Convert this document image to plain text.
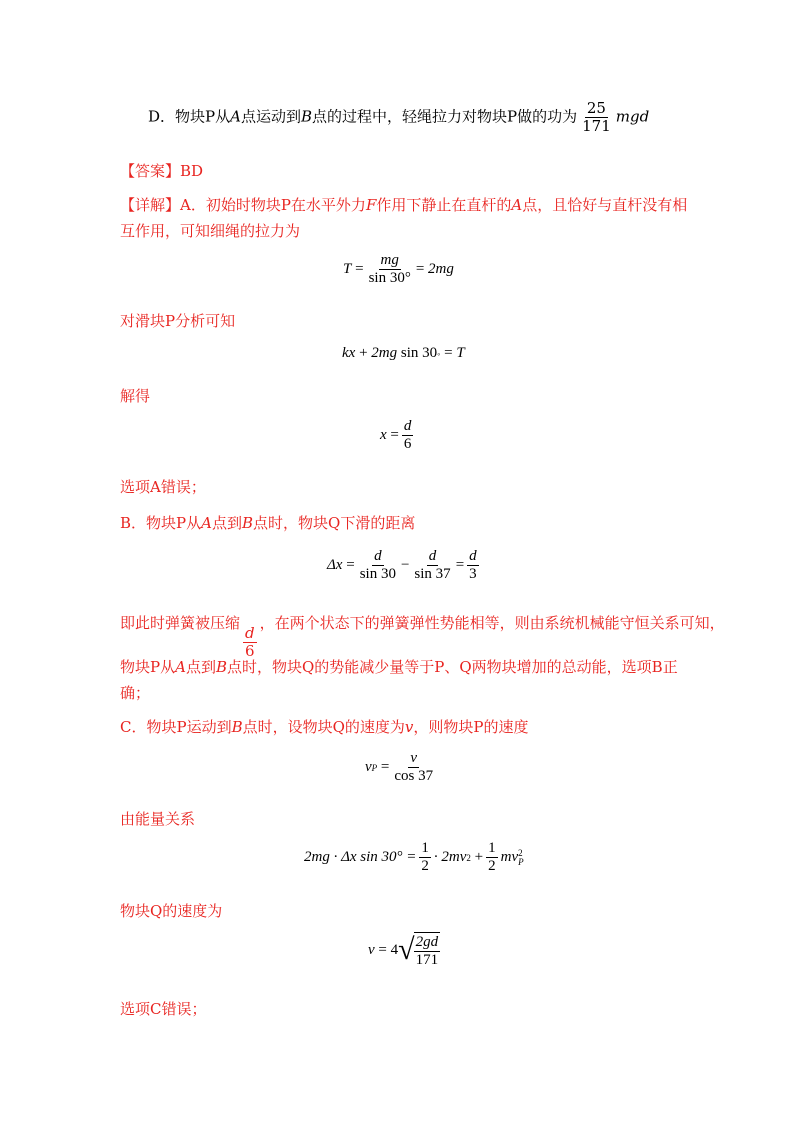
D．物块P从A点运动到B点的过程中，轻绳拉力对物块P做的功为 $\frac{25}{171}$ mgd
【答案】BD
【详解】A．初始时物块P在水平外力F作用下静止在直杆的A点，且恰好与直杆没有相
互作用，可知细绳的拉力为
T
= $\frac{mg}{\sin 30^\circ}$ =
2mg
对滑块P分析可知
kx
+
2mg
sin 30 ◦
=
T
解得
x
= $\frac{d}{6}$
选项A错误；
B．物块P从A点到B点时，物块Q下滑的距离
Δx
= $\frac{d}{\sin 30} - \frac{d}{\sin 37} = \frac{d}{3}$
即此时弹簧被压缩
$\frac{d}{6}$
，在两个状态下的弹簧弹性势能相等，则由系统机械能守恒关系可知，
物块P从A点到B点时，物块Q的势能减少量等于P、Q两物块增加的总动能，选项B正
确；
C．物块P运动到B点时，设物块Q的速度为v，则物块P的速度
v P
= $\frac{v}{\cos 37}$
由能量关系
2mg · Δx $\sin 30^\circ = \frac{1}{2} \cdot 2mv$ 2
+ $\frac{1}{2}$ mv 2
P
物块Q的速度为
v
=
4 √ $\frac{2gd}{171}$
选项C错误；
